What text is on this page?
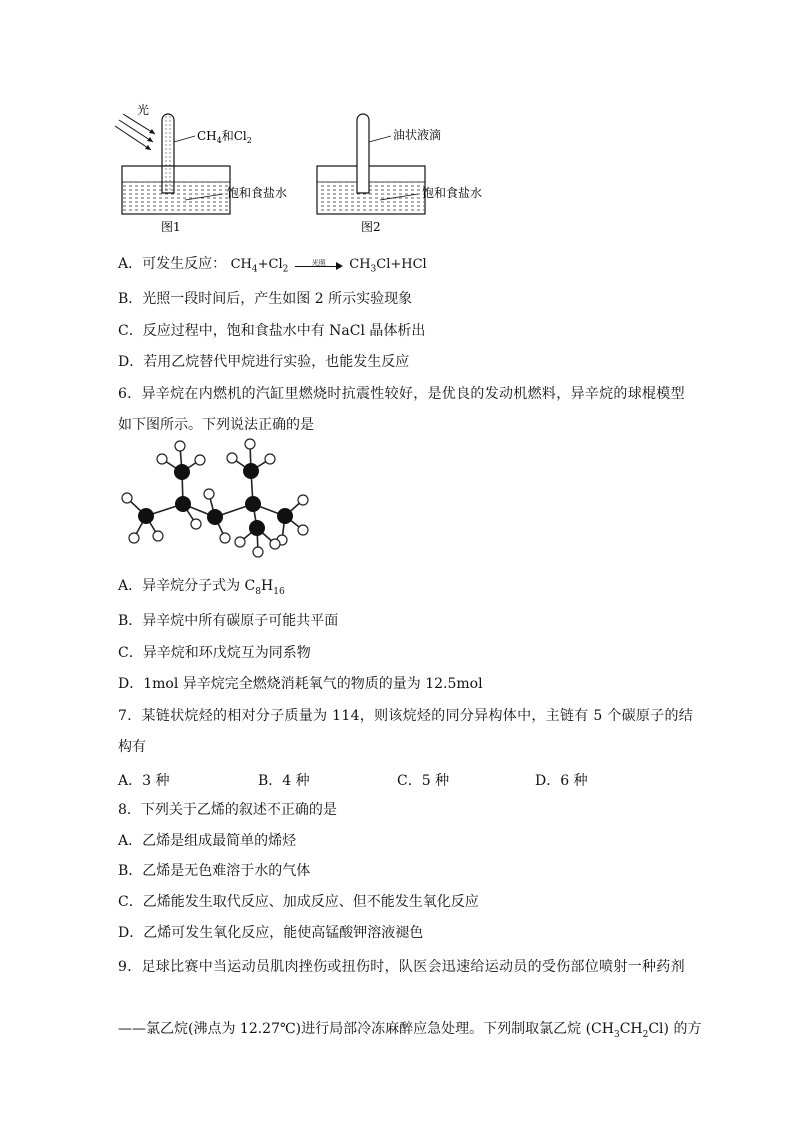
光
$CH_4$和$Cl_2$
饱和食盐水
图1
油状液滴
饱和食盐水
图2
A．可发生反应： $CH_4+Cl_2$
光照	$CH_3Cl+HCl$
B．光照一段时间后，产生如图 2 所示实验现象
C．反应过程中，饱和食盐水中有 NaCl 晶体析出
D．若用乙烷替代甲烷进行实验，也能发生反应
6．异辛烷在内燃机的汽缸里燃烧时抗震性较好，是优良的发动机燃料，异辛烷的球棍模型
如下图所示。下列说法正确的是
A．异辛烷分子式为 $C_8H_{16}$
B．异辛烷中所有碳原子可能共平面
C．异辛烷和环戊烷互为同系物
D．1mol 异辛烷完全燃烧消耗氧气的物质的量为 12.5mol
7．某链状烷烃的相对分子质量为 114，则该烷烃的同分异构体中，主链有 5 个碳原子的结
构有
A．3 种	B．4 种	C．5 种	D．6 种
8．下列关于乙烯的叙述不正确的是
A．乙烯是组成最简单的烯烃
B．乙烯是无色难溶于水的气体
C．乙烯能发生取代反应、加成反应、但不能发生氧化反应
D．乙烯可发生氧化反应，能使高锰酸钾溶液褪色
9．足球比赛中当运动员肌肉挫伤或扭伤时，队医会迅速给运动员的受伤部位喷射一种药剂
——氯乙烷(沸点为 12.27℃)进行局部冷冻麻醉应急处理。下列制取氯乙烷 $(CH_3CH_2Cl)$ 的方
